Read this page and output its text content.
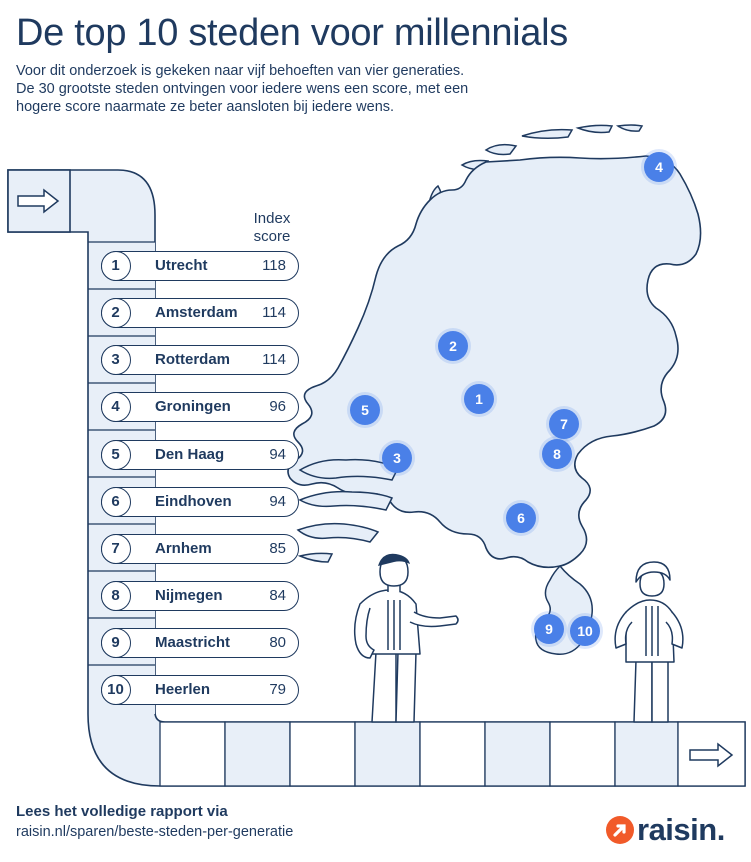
De top 10 steden voor millennials

Voor dit onderzoek is gekeken naar vijf behoeften van vier generaties.

De 30 grootste steden ontvingen voor iedere wens een score, met een

hogere score naarmate ze beter aansloten bij iedere wens.

Index
score
1	Utrecht	118
2	Amsterdam 114
3	Rotterdam 114
4	Groningen	96
5	Den Haag	94
6	Eindhoven	94
7	Arnhem	85
8	Nijmegen	84
9	Maastricht	80
10	Heerlen	79
4
2
1
5
3
7
8
6
9	10
Lees het volledige rapport via
raisin.nl/sparen/beste-steden-per-generatie	raisin.
